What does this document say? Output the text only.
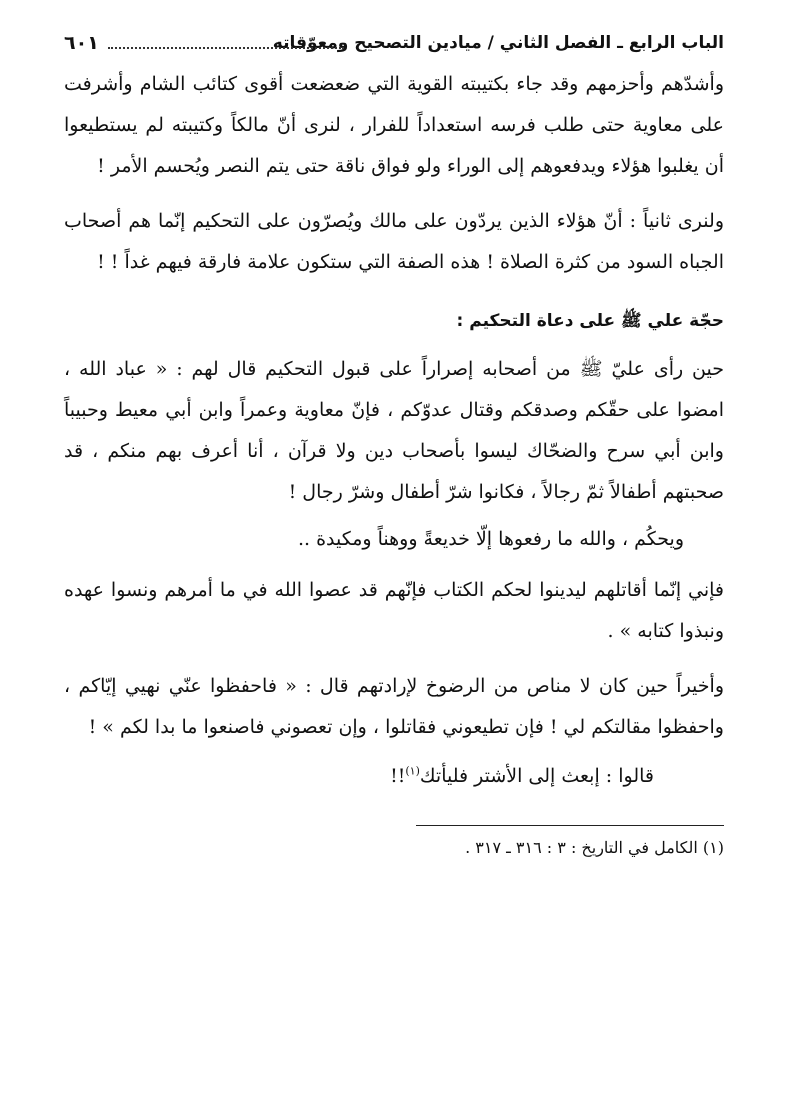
الباب الرابع ـ الفصل الثاني / ميادين التصحيح ومعوّقاته
٦٠١

وأشدّهم وأحزمهم وقد جاء بكتيبته القوية التي ضعضعت أقوى كتائب الشام وأشرفت على معاوية حتى طلب فرسه استعداداً للفرار ، لنرى أنّ مالكاً وكتيبته لم يستطيعوا أن يغلبوا هؤلاء ويدفعوهم إلى الوراء ولو فواق ناقة حتى يتم النصر ويُحسم الأمر !

ولنرى ثانياً : أنّ هؤلاء الذين يردّون على مالك ويُصرّون على التحكيم إنّما هم أصحاب الجباه السود من كثرة الصلاة ! هذه الصفة التي ستكون علامة فارقة فيهم غداً ! !

حجّة علي ﷺ على دعاة التحكيم :

حين رأى عليّ ﷺ من أصحابه إصراراً على قبول التحكيم قال لهم : « عباد الله ، امضوا على حقّكم وصدقكم وقتال عدوّكم ، فإنّ معاوية وعمراً وابن أبي معيط وحبيباً وابن أبي سرح والضحّاك ليسوا بأصحاب دين ولا قرآن ، أنا أعرف بهم منكم ، قد صحبتهم أطفالاً ثمّ رجالاً ، فكانوا شرّ أطفال وشرّ رجال !

ويحكُم ، والله ما رفعوها إلّا خديعةً ووهناً ومكيدة ..

فإني إنّما أقاتلهم ليدينوا لحكم الكتاب فإنّهم قد عصوا الله في ما أمرهم ونسوا عهده ونبذوا كتابه » .

وأخيراً حين كان لا مناص من الرضوخ لإرادتهم قال : « فاحفظوا عنّي نهيي إيّاكم ، واحفظوا مقالتكم لي ! فإن تطيعوني فقاتلوا ، وإن تعصوني فاصنعوا ما بدا لكم » !

قالوا : إبعث إلى الأشتر فليأتك$^{(١)}$!!

(١) الكامل في التاريخ : ٣ : ٣١٦ ـ ٣١٧ .
